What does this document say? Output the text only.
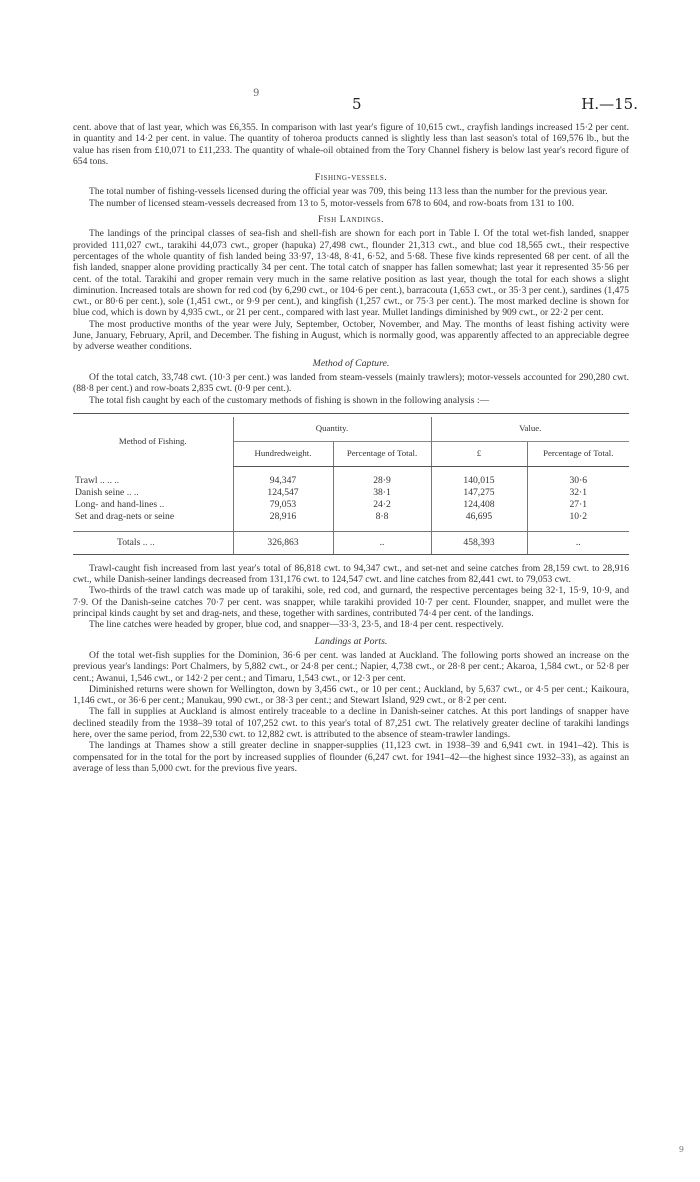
9
5	H.—15.

cent. above that of last year, which was £6,355. In comparison with last year's figure of 10,615 cwt., crayfish landings increased 15·2 per cent. in quantity and 14·2 per cent. in value. The quantity of toheroa products canned is slightly less than last season's total of 169,576 lb., but the value has risen from £10,071 to £11,233. The quantity of whale-oil obtained from the Tory Channel fishery is below last year's record figure of 654 tons.

Fishing-vessels.

The total number of fishing-vessels licensed during the official year was 709, this being 113 less than the number for the previous year.

The number of licensed steam-vessels decreased from 13 to 5, motor-vessels from 678 to 604, and row-boats from 131 to 100.

Fish Landings.

The landings of the principal classes of sea-fish and shell-fish are shown for each port in Table I. Of the total wet-fish landed, snapper provided 111,027 cwt., tarakihi 44,073 cwt., groper (hapuka) 27,498 cwt., flounder 21,313 cwt., and blue cod 18,565 cwt., their respective percentages of the whole quantity of fish landed being 33·97, 13·48, 8·41, 6·52, and 5·68. These five kinds represented 68 per cent. of all the fish landed, snapper alone providing practically 34 per cent. The total catch of snapper has fallen somewhat; last year it represented 35·56 per cent. of the total. Tarakihi and groper remain very much in the same relative position as last year, though the total for each shows a slight diminution. Increased totals are shown for red cod (by 6,290 cwt., or 104·6 per cent.), barracouta (1,653 cwt., or 35·3 per cent.), sardines (1,475 cwt., or 80·6 per cent.), sole (1,451 cwt., or 9·9 per cent.), and kingfish (1,257 cwt., or 75·3 per cent.). The most marked decline is shown for blue cod, which is down by 4,935 cwt., or 21 per cent., compared with last year. Mullet landings diminished by 909 cwt., or 22·2 per cent.

The most productive months of the year were July, September, October, November, and May. The months of least fishing activity were June, January, February, April, and December. The fishing in August, which is normally good, was apparently affected to an appreciable degree by adverse weather conditions.

Method of Capture.

Of the total catch, 33,748 cwt. (10·3 per cent.) was landed from steam-vessels (mainly trawlers); motor-vessels accounted for 290,280 cwt. (88·8 per cent.) and row-boats 2,835 cwt. (0·9 per cent.).

The total fish caught by each of the customary methods of fishing is shown in the following analysis :—

Method of Fishing.	Quantity.		Value.	
	Hundredweight.	Percentage of Total.	£	Percentage of Total.

Trawl .. .. ..	94,347	28·9	140,015	30·6
Danish seine .. ..	124,547	38·1	147,275	32·1
Long- and hand-lines ..	79,053	24·2	124,408	27·1
Set and drag-nets or seine	28,916	8·8	46,695	10·2

Totals .. ..	326,863	..	458,393	..

Trawl-caught fish increased from last year's total of 86,818 cwt. to 94,347 cwt., and set-net and seine catches from 28,159 cwt. to 28,916 cwt., while Danish-seiner landings decreased from 131,176 cwt. to 124,547 cwt. and line catches from 82,441 cwt. to 79,053 cwt.

Two-thirds of the trawl catch was made up of tarakihi, sole, red cod, and gurnard, the respective percentages being 32·1, 15·9, 10·9, and 7·9. Of the Danish-seine catches 70·7 per cent. was snapper, while tarakihi provided 10·7 per cent. Flounder, snapper, and mullet were the principal kinds caught by set and drag-nets, and these, together with sardines, contributed 74·4 per cent. of the landings.

The line catches were headed by groper, blue cod, and snapper—33·3, 23·5, and 18·4 per cent. respectively.

Landings at Ports.

Of the total wet-fish supplies for the Dominion, 36·6 per cent. was landed at Auckland. The following ports showed an increase on the previous year's landings: Port Chalmers, by 5,882 cwt., or 24·8 per cent.; Napier, 4,738 cwt., or 28·8 per cent.; Akaroa, 1,584 cwt., or 52·8 per cent.; Awanui, 1,546 cwt., or 142·2 per cent.; and Timaru, 1,543 cwt., or 12·3 per cent.

Diminished returns were shown for Wellington, down by 3,456 cwt., or 10 per cent.; Auckland, by 5,637 cwt., or 4·5 per cent.; Kaikoura, 1,146 cwt., or 36·6 per cent.; Manukau, 990 cwt., or 38·3 per cent.; and Stewart Island, 929 cwt., or 8·2 per cent.

The fall in supplies at Auckland is almost entirely traceable to a decline in Danish-seiner catches. At this port landings of snapper have declined steadily from the 1938–39 total of 107,252 cwt. to this year's total of 87,251 cwt. The relatively greater decline of tarakihi landings here, over the same period, from 22,530 cwt. to 12,882 cwt. is attributed to the absence of steam-trawler landings.

The landings at Thames show a still greater decline in snapper-supplies (11,123 cwt. in 1938–39 and 6,941 cwt. in 1941–42). This is compensated for in the total for the port by increased supplies of flounder (6,247 cwt. for 1941–42—the highest since 1932–33), as against an average of less than 5,000 cwt. for the previous five years.

9
